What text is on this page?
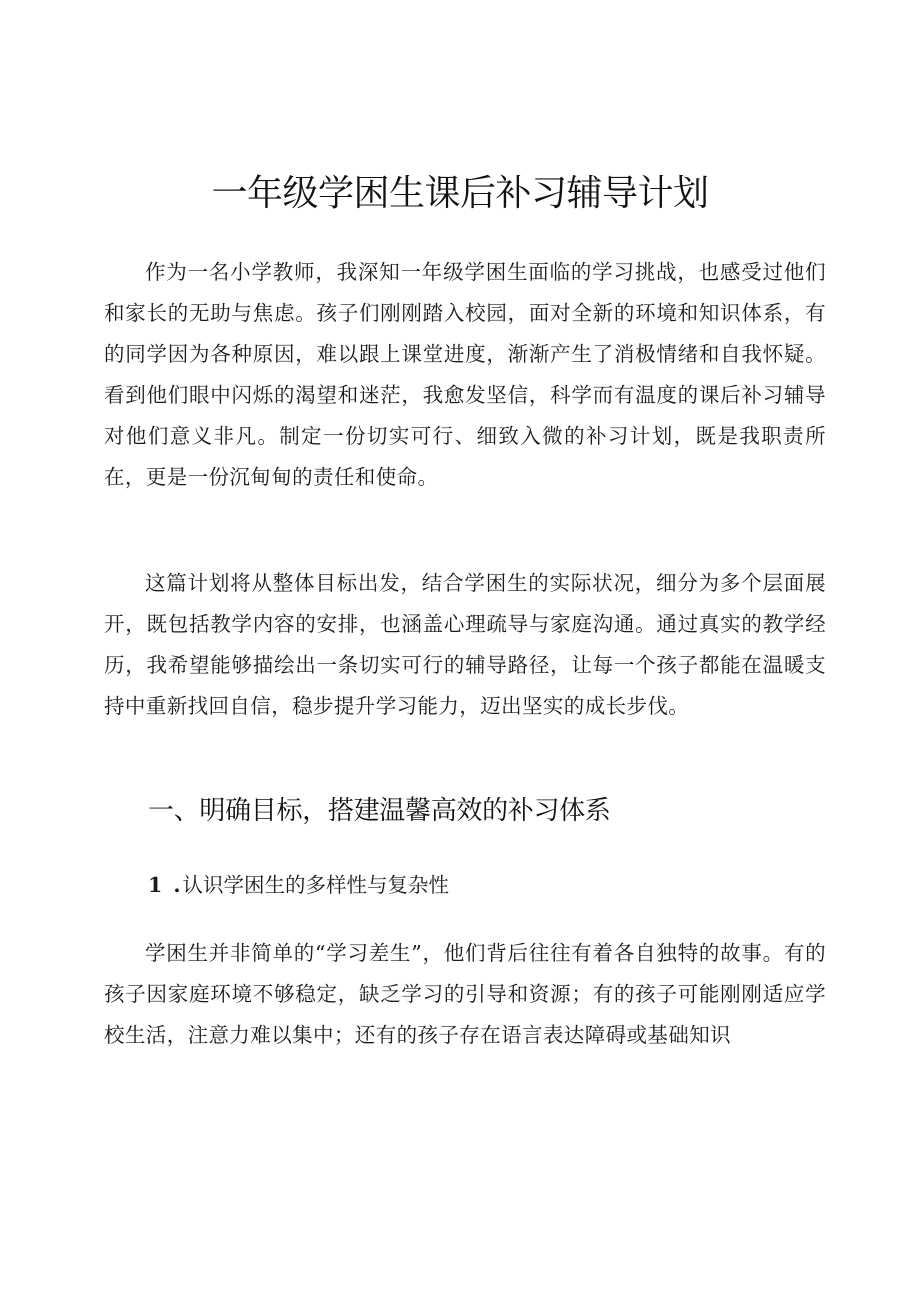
一年级学困生课后补习辅导计划

作为一名小学教师，我深知一年级学困生面临的学习挑战，也感受过他们和家长的无助与焦虑。孩子们刚刚踏入校园，面对全新的环境和知识体系，有的同学因为各种原因，难以跟上课堂进度，渐渐产生了消极情绪和自我怀疑。看到他们眼中闪烁的渴望和迷茫，我愈发坚信，科学而有温度的课后补习辅导对他们意义非凡。制定一份切实可行、细致入微的补习计划，既是我职责所在，更是一份沉甸甸的责任和使命。

这篇计划将从整体目标出发，结合学困生的实际状况，细分为多个层面展开，既包括教学内容的安排，也涵盖心理疏导与家庭沟通。通过真实的教学经历，我希望能够描绘出一条切实可行的辅导路径，让每一个孩子都能在温暖支持中重新找回自信，稳步提升学习能力，迈出坚实的成长步伐。

一、明确目标，搭建温馨高效的补习体系
1 .认识学困生的多样性与复杂性

学困生并非简单的“学习差生”，他们背后往往有着各自独特的故事。有的孩子因家庭环境不够稳定，缺乏学习的引导和资源；有的孩子可能刚刚适应学校生活，注意力难以集中；还有的孩子存在语言表达障碍或基础知识
